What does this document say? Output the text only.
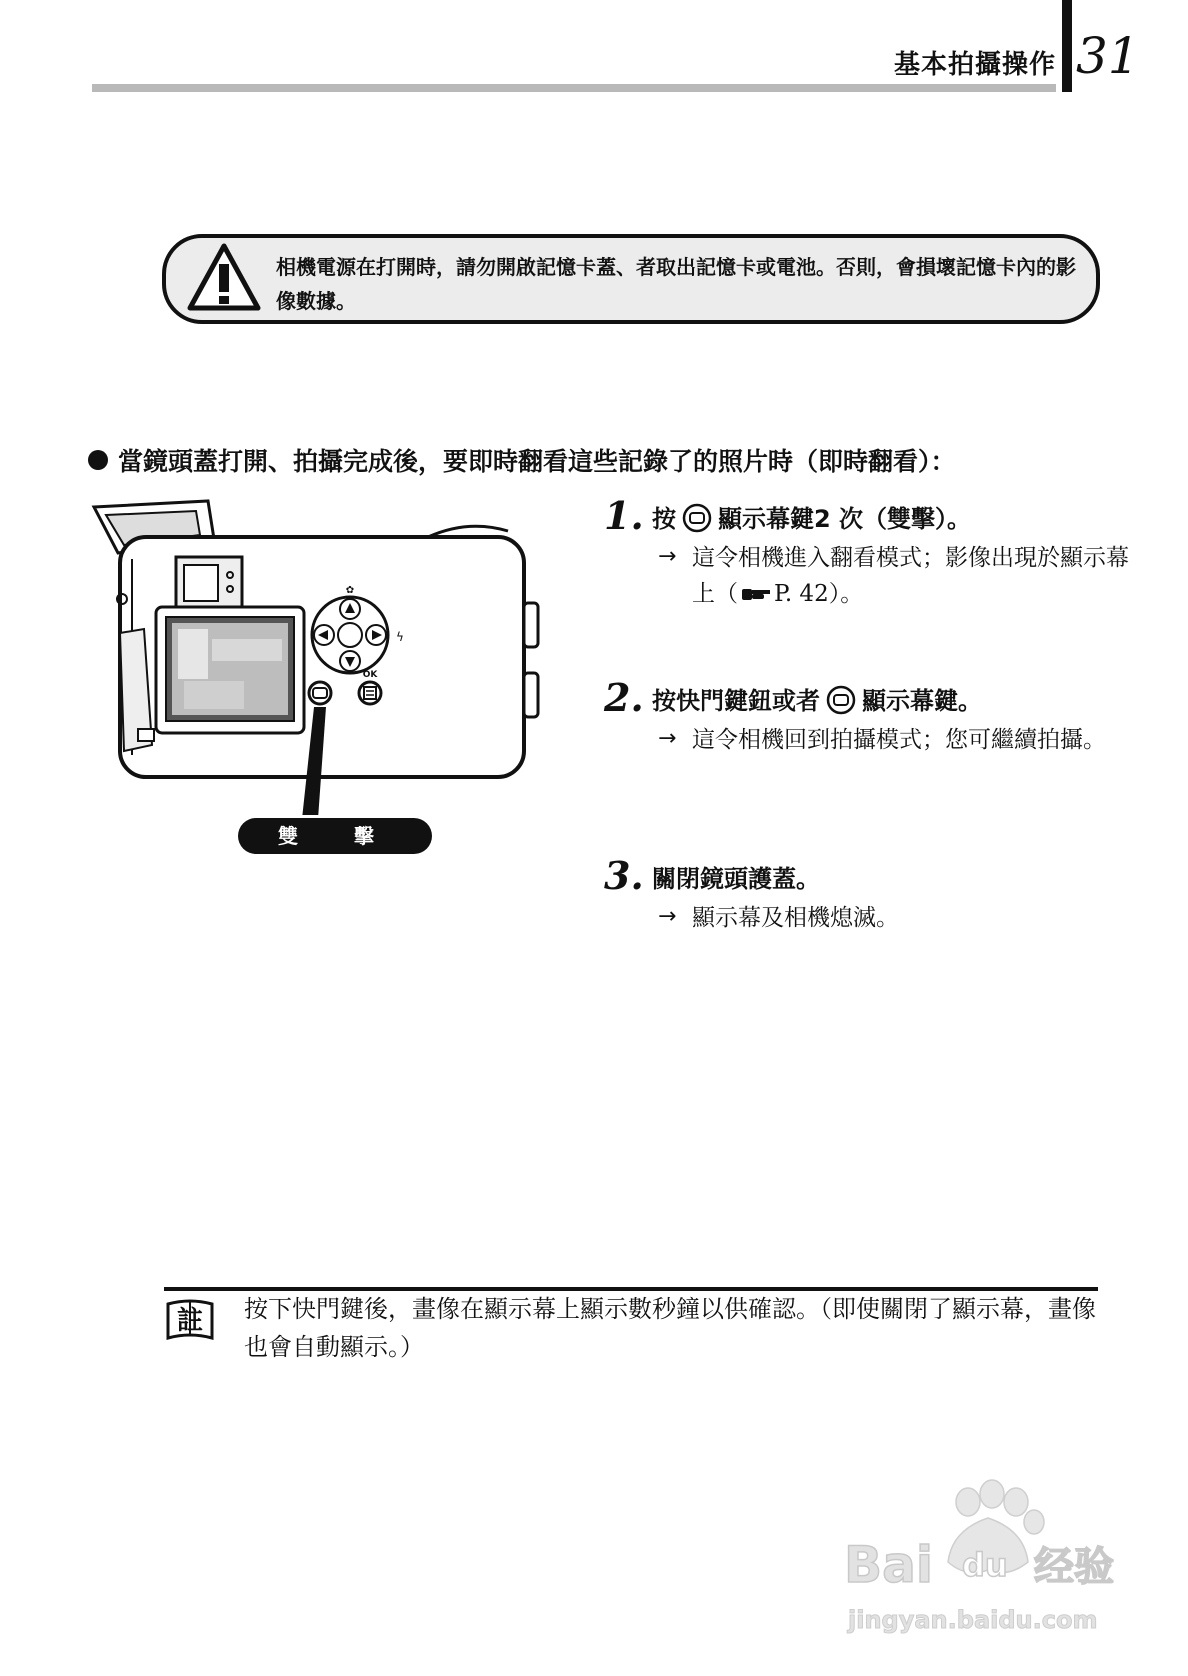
基本拍攝操作 31
相機電源在打開時，請勿開啟記憶卡蓋、者取出記憶卡或電池。否則，會損壞記憶卡內的影像數據。
當鏡頭蓋打開、拍攝完成後，要即時翻看這些記錄了的照片時（即時翻看）：
✿
ϟ
OK
雙　擊
1. 按 顯示幕鍵2 次（雙擊）。
→ 這令相機進入翻看模式；影像出現於顯示幕上（ P. 42）。
2. 按快門鍵鈕或者 顯示幕鍵。
→ 這令相機回到拍攝模式；您可繼續拍攝。
3. 關閉鏡頭護蓋。
→ 顯示幕及相機熄滅。
註 按下快門鍵後，畫像在顯示幕上顯示數秒鐘以供確認。（即使關閉了顯示幕，畫像也會自動顯示。）
Bai du 经验
jingyan.baidu.com
